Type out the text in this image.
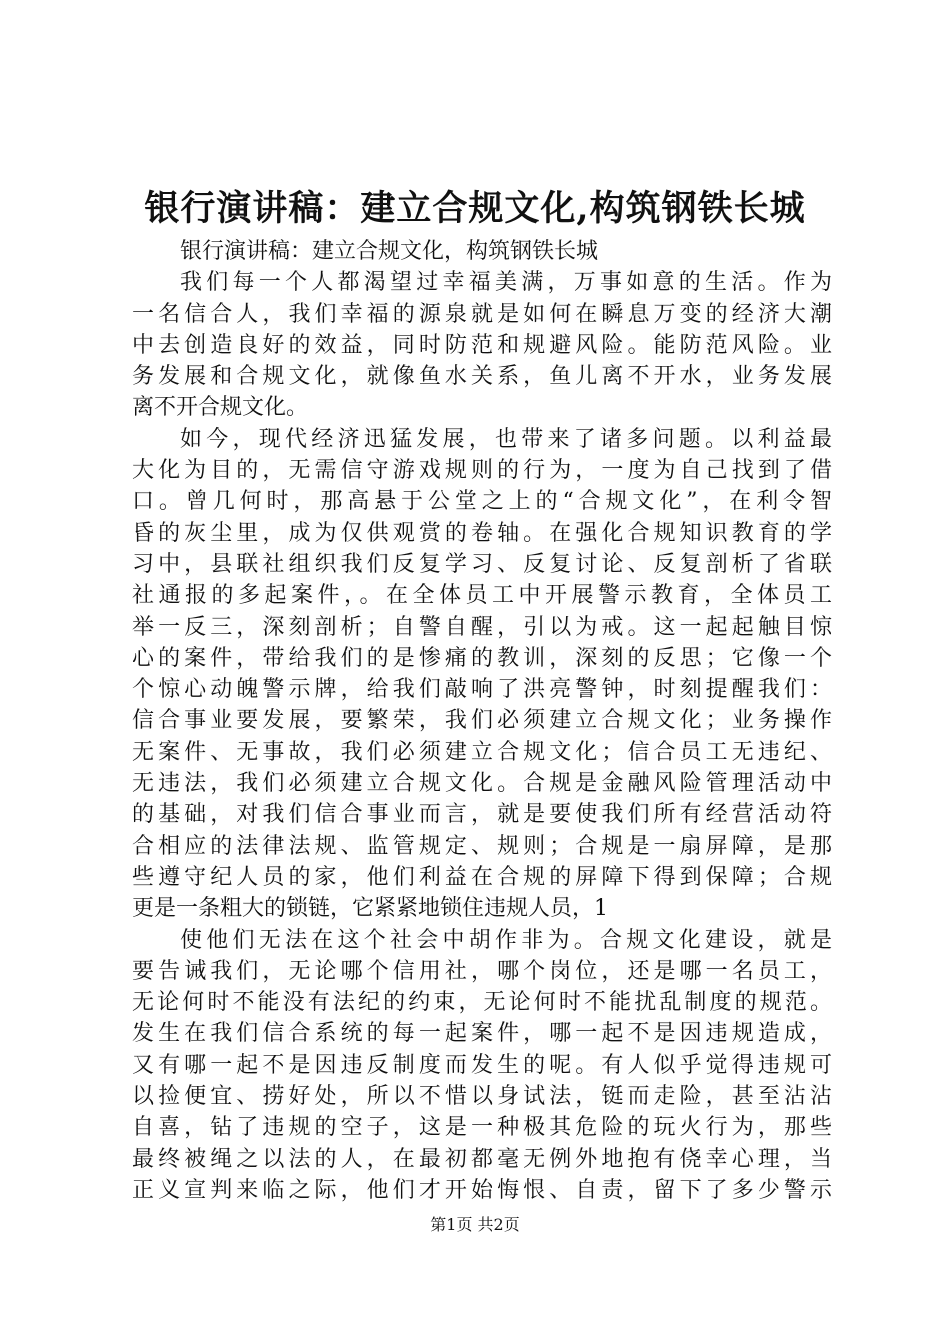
银行演讲稿：建立合规文化,构筑钢铁长城
银行演讲稿：建立合规文化，构筑钢铁长城
我们每一个人都渴望过幸福美满，万事如意的生活。作为
一名信合人，我们幸福的源泉就是如何在瞬息万变的经济大潮
中去创造良好的效益，同时防范和规避风险。能防范风险。业
务发展和合规文化，就像鱼水关系，鱼儿离不开水，业务发展
离不开合规文化。
如今，现代经济迅猛发展，也带来了诸多问题。以利益最
大化为目的，无需信守游戏规则的行为，一度为自己找到了借
口。曾几何时，那高悬于公堂之上的“合规文化”，在利令智
昏的灰尘里，成为仅供观赏的卷轴。在强化合规知识教育的学
习中，县联社组织我们反复学习、反复讨论、反复剖析了省联
社通报的多起案件，。在全体员工中开展警示教育，全体员工
举一反三，深刻剖析；自警自醒，引以为戒。这一起起触目惊
心的案件，带给我们的是惨痛的教训，深刻的反思；它像一个
个惊心动魄警示牌，给我们敲响了洪亮警钟，时刻提醒我们：
信合事业要发展，要繁荣，我们必须建立合规文化；业务操作
无案件、无事故，我们必须建立合规文化；信合员工无违纪、
无违法，我们必须建立合规文化。合规是金融风险管理活动中
的基础，对我们信合事业而言，就是要使我们所有经营活动符
合相应的法律法规、监管规定、规则；合规是一扇屏障，是那
些遵守纪人员的家，他们利益在合规的屏障下得到保障；合规
更是一条粗大的锁链，它紧紧地锁住违规人员，1
使他们无法在这个社会中胡作非为。合规文化建设，就是
要告诫我们，无论哪个信用社，哪个岗位，还是哪一名员工，
无论何时不能没有法纪的约束，无论何时不能扰乱制度的规范。
发生在我们信合系统的每一起案件，哪一起不是因违规造成，
又有哪一起不是因违反制度而发生的呢。有人似乎觉得违规可
以捡便宜、捞好处，所以不惜以身试法，铤而走险，甚至沾沾
自喜，钻了违规的空子，这是一种极其危险的玩火行为，那些
最终被绳之以法的人，在最初都毫无例外地抱有侥幸心理，当
正义宣判来临之际，他们才开始悔恨、自责，留下了多少警示
第1页 共2页
